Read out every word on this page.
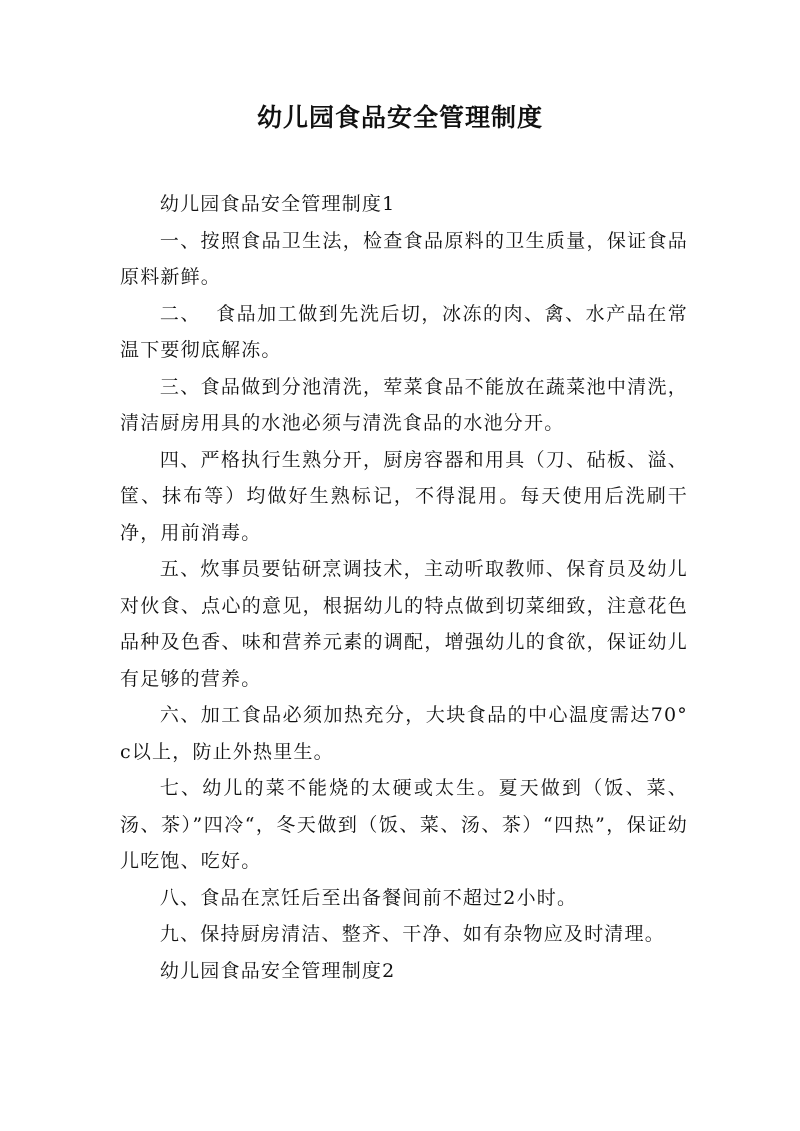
幼儿园食品安全管理制度

幼儿园食品安全管理制度1

一、按照食品卫生法，检查食品原料的卫生质量，保证食品原料新鲜。

二、  食品加工做到先洗后切，冰冻的肉、禽、水产品在常温下要彻底解冻。

三、食品做到分池清洗，荤菜食品不能放在蔬菜池中清洗，清洁厨房用具的水池必须与清洗食品的水池分开。

四、严格执行生熟分开，厨房容器和用具（刀、砧板、溢、筐、抹布等）均做好生熟标记，不得混用。每天使用后洗刷干净，用前消毒。

五、炊事员要钻研烹调技术，主动听取教师、保育员及幼儿对伙食、点心的意见，根据幼儿的特点做到切菜细致，注意花色品种及色香、味和营养元素的调配，增强幼儿的食欲，保证幼儿有足够的营养。

六、加工食品必须加热充分，大块食品的中心温度需达70° c以上，防止外热里生。

七、幼儿的菜不能烧的太硬或太生。夏天做到（饭、菜、汤、茶）”四冷“，冬天做到（饭、菜、汤、茶）“四热”，保证幼儿吃饱、吃好。

八、食品在烹饪后至出备餐间前不超过2小时。

九、保持厨房清洁、整齐、干净、如有杂物应及时清理。

幼儿园食品安全管理制度2
